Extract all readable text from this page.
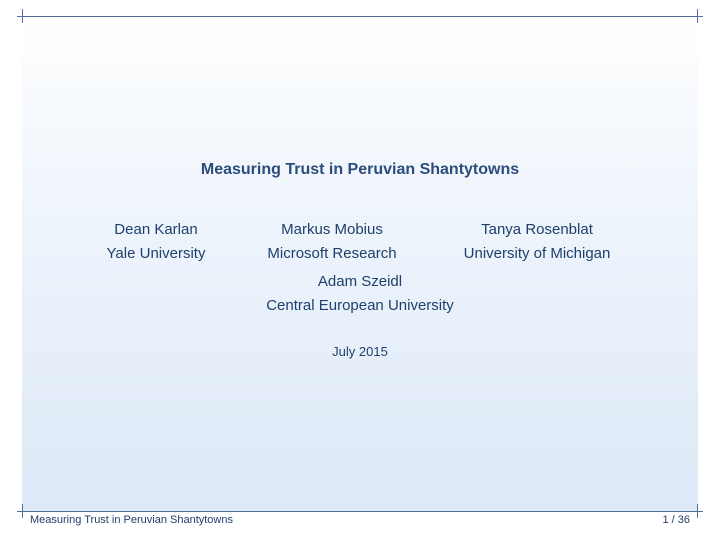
Measuring Trust in Peruvian Shantytowns
Dean Karlan
Yale University
Markus Mobius
Microsoft Research
Tanya Rosenblat
University of Michigan
Adam Szeidl
Central European University
July 2015
Measuring Trust in Peruvian Shantytowns	1 / 36
